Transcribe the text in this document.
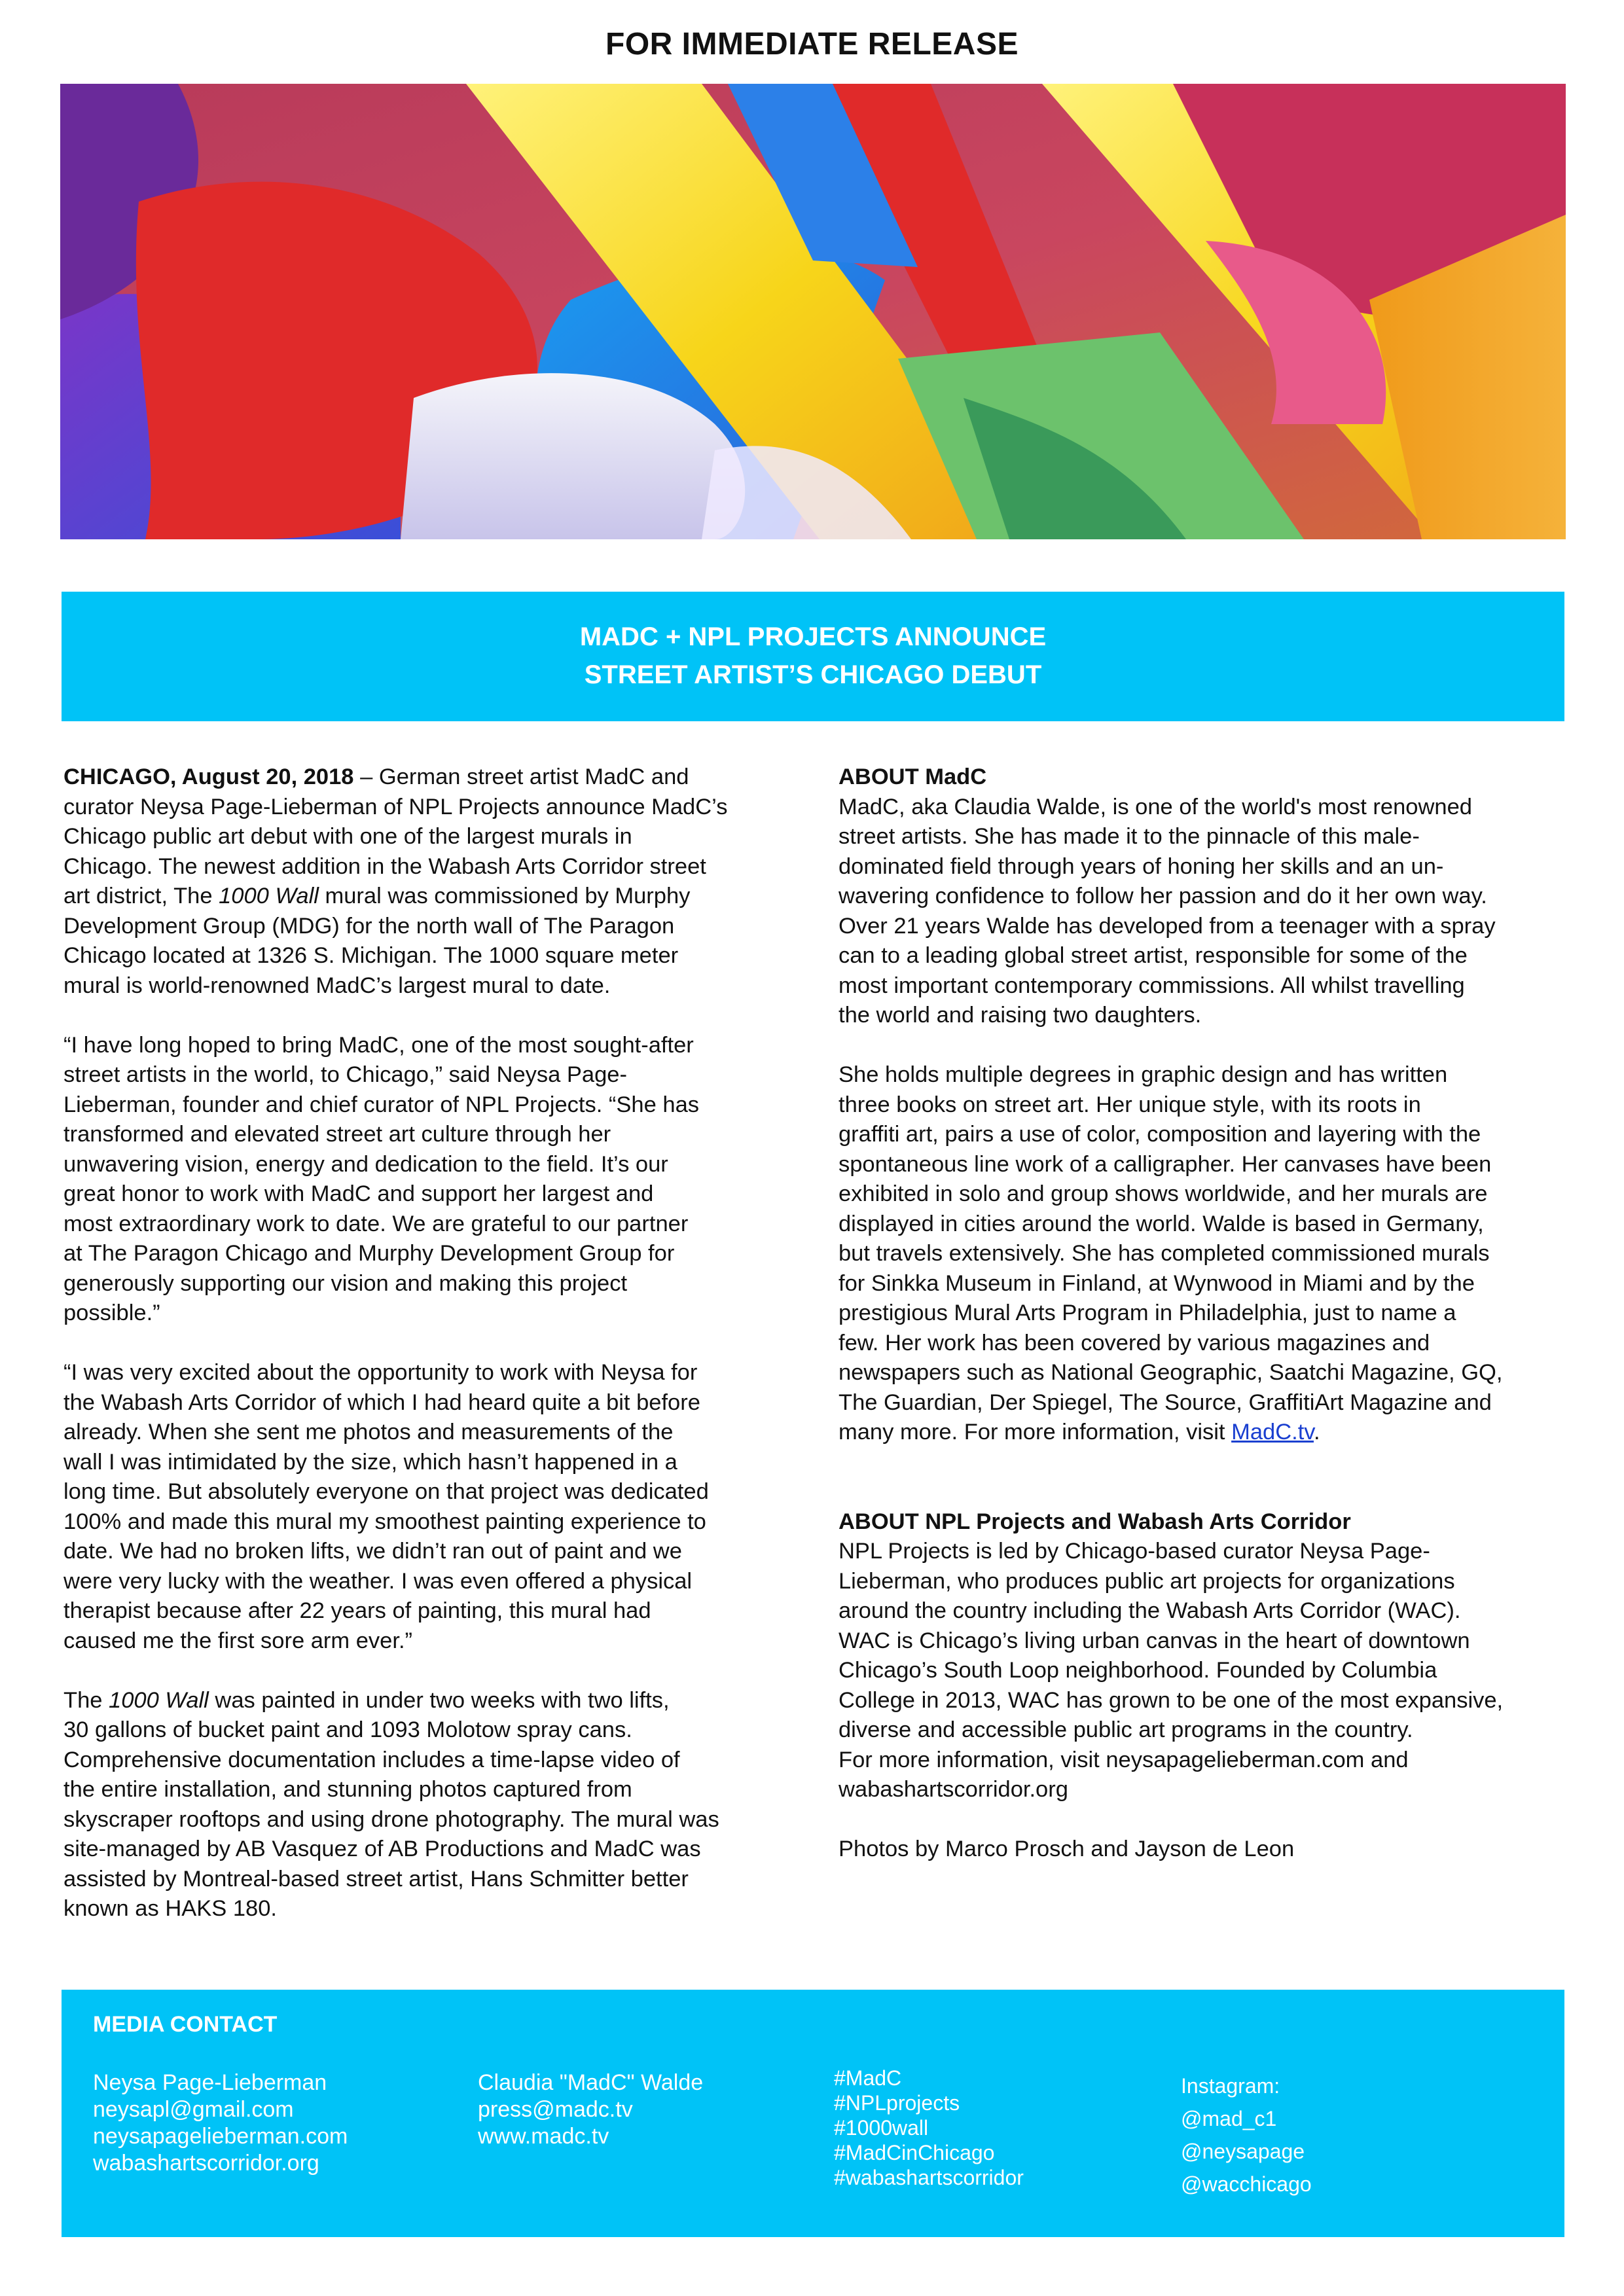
FOR IMMEDIATE RELEASE
MADC + NPL PROJECTS ANNOUNCE
STREET ARTIST’S CHICAGO DEBUT

CHICAGO, August 20, 2018 – German street artist MadC and

curator Neysa Page-Lieberman of NPL Projects announce MadC’s

Chicago public art debut with one of the largest murals in

Chicago. The newest addition in the Wabash Arts Corridor street

art district, The 1000 Wall mural was commissioned by Murphy

Development Group (MDG) for the north wall of The Paragon

Chicago located at 1326 S. Michigan. The 1000 square meter

mural is world-renowned MadC’s largest mural to date.

“I have long hoped to bring MadC, one of the most sought-after

street artists in the world, to Chicago,” said Neysa Page-

Lieberman, founder and chief curator of NPL Projects. “She has

transformed and elevated street art culture through her

unwavering vision, energy and dedication to the field. It’s our

great honor to work with MadC and support her largest and

most extraordinary work to date. We are grateful to our partner

at The Paragon Chicago and Murphy Development Group for

generously supporting our vision and making this project

possible.”

“I was very excited about the opportunity to work with Neysa for

the Wabash Arts Corridor of which I had heard quite a bit before

already. When she sent me photos and measurements of the

wall I was intimidated by the size, which hasn’t happened in a

long time. But absolutely everyone on that project was dedicated

100% and made this mural my smoothest painting experience to

date. We had no broken lifts, we didn’t ran out of paint and we

were very lucky with the weather. I was even offered a physical

therapist because after 22 years of painting, this mural had

caused me the first sore arm ever.”

The 1000 Wall was painted in under two weeks with two lifts,

30 gallons of bucket paint and 1093 Molotow spray cans.

Comprehensive documentation includes a time-lapse video of

the entire installation, and stunning photos captured from

skyscraper rooftops and using drone photography. The mural was

site-managed by AB Vasquez of AB Productions and MadC was

assisted by Montreal-based street artist, Hans Schmitter better

known as HAKS 180.

ABOUT MadC

MadC, aka Claudia Walde, is one of the world's most renowned

street artists. She has made it to the pinnacle of this male-

dominated field through years of honing her skills and an un-

wavering confidence to follow her passion and do it her own way.

Over 21 years Walde has developed from a teenager with a spray

can to a leading global street artist, responsible for some of the

most important contemporary commissions. All whilst travelling

the world and raising two daughters.

She holds multiple degrees in graphic design and has written

three books on street art. Her unique style, with its roots in

graffiti art, pairs a use of color, composition and layering with the

spontaneous line work of a calligrapher. Her canvases have been

exhibited in solo and group shows worldwide, and her murals are

displayed in cities around the world. Walde is based in Germany,

but travels extensively. She has completed commissioned murals

for Sinkka Museum in Finland, at Wynwood in Miami and by the

prestigious Mural Arts Program in Philadelphia, just to name a

few. Her work has been covered by various magazines and

newspapers such as National Geographic, Saatchi Magazine, GQ,

The Guardian, Der Spiegel, The Source, GraffitiArt Magazine and

many more. For more information, visit MadC.tv.

ABOUT NPL Projects and Wabash Arts Corridor

NPL Projects is led by Chicago-based curator Neysa Page-

Lieberman, who produces public art projects for organizations

around the country including the Wabash Arts Corridor (WAC).

WAC is Chicago’s living urban canvas in the heart of downtown

Chicago’s South Loop neighborhood. Founded by Columbia

College in 2013, WAC has grown to be one of the most expansive,

diverse and accessible public art programs in the country.

For more information, visit neysapagelieberman.com and

wabashartscorridor.org

Photos by Marco Prosch and Jayson de Leon

MEDIA CONTACT
Neysa Page-Lieberman
neysapl@gmail.com
neysapagelieberman.com
wabashartscorridor.org
Claudia "MadC" Walde
press@madc.tv
www.madc.tv
#MadC
#NPLprojects
#1000wall
#MadCinChicago
#wabashartscorridor
Instagram:
@mad_c1
@neysapage
@wacchicago
